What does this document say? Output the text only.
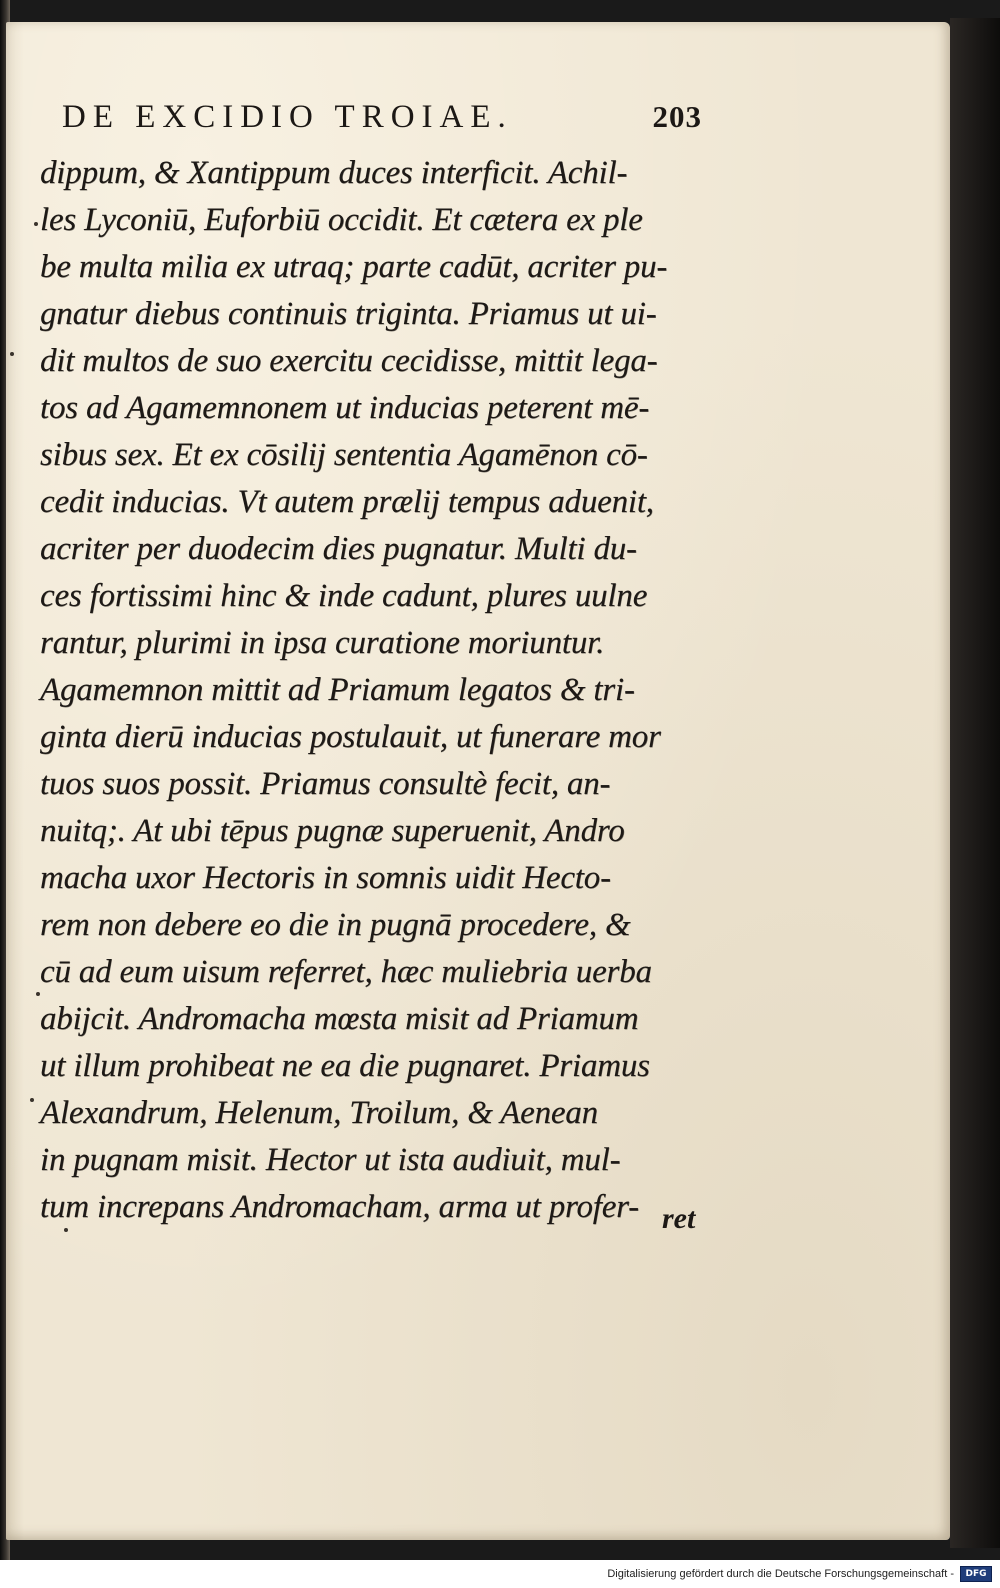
DE EXCIDIO TROIAE.	203
dippum, & Xantippum duces interficit. Achil-
les Lyconiū, Euforbiū occidit. Et cætera ex ple
be multa milia ex utraq; parte cadūt, acriter pu-
gnatur diebus continuis triginta. Priamus ut ui-
dit multos de suo exercitu cecidisse, mittit lega-
tos ad Agamemnonem ut inducias peterent mē-
sibus sex. Et ex cōsilij sententia Agamēnon cō-
cedit inducias. Vt autem prælij tempus aduenit,
acriter per duodecim dies pugnatur. Multi du-
ces fortissimi hinc & inde cadunt, plures uulne
rantur, plurimi in ipsa curatione moriuntur.
Agamemnon mittit ad Priamum legatos & tri-
ginta dierū inducias postulauit, ut funerare mor
tuos suos possit. Priamus consultè fecit, an-
nuitq;. At ubi tēpus pugnæ superuenit, Andro
macha uxor Hectoris in somnis uidit Hecto-
rem non debere eo die in pugnā procedere, &
cū ad eum uisum referret, hæc muliebria uerba
abijcit. Andromacha mœsta misit ad Priamum
ut illum prohibeat ne ea die pugnaret. Priamus
Alexandrum, Helenum, Troilum, & Aenean
in pugnam misit. Hector ut ista audiuit, mul-
tum increpans Andromacham, arma ut profer- ret
Digitalisierung gefördert durch die Deutsche Forschungsgemeinschaft -	DFG
